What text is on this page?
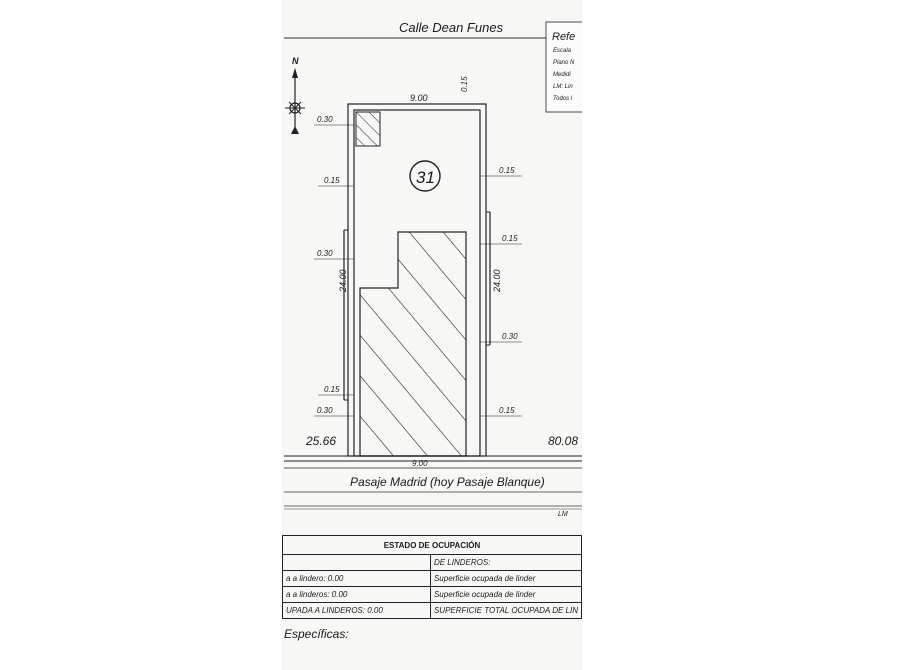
Calle Dean Funes
N
31
9.00
0.15
0.30
0.15
0.30
0.15
0.30
24.00
0.15
0.15
0.30
0.15
24.00
25.66	80.08
9.00
Pasaje Madrid (hoy Pasaje Blanque)
LM
Refe
Escala
Plano N
Medidi
LM: Lin
Todos l
ESTADO DE OCUPACIÓN	
	DE LINDEROS:
a a lindero: 0.00	Superficie ocupada de linder
a a linderos: 0.00	Superficie ocupada de linder
UPADA A LINDEROS: 0.00	SUPERFICIE TOTAL OCUPADA DE LIN
Específicas:
